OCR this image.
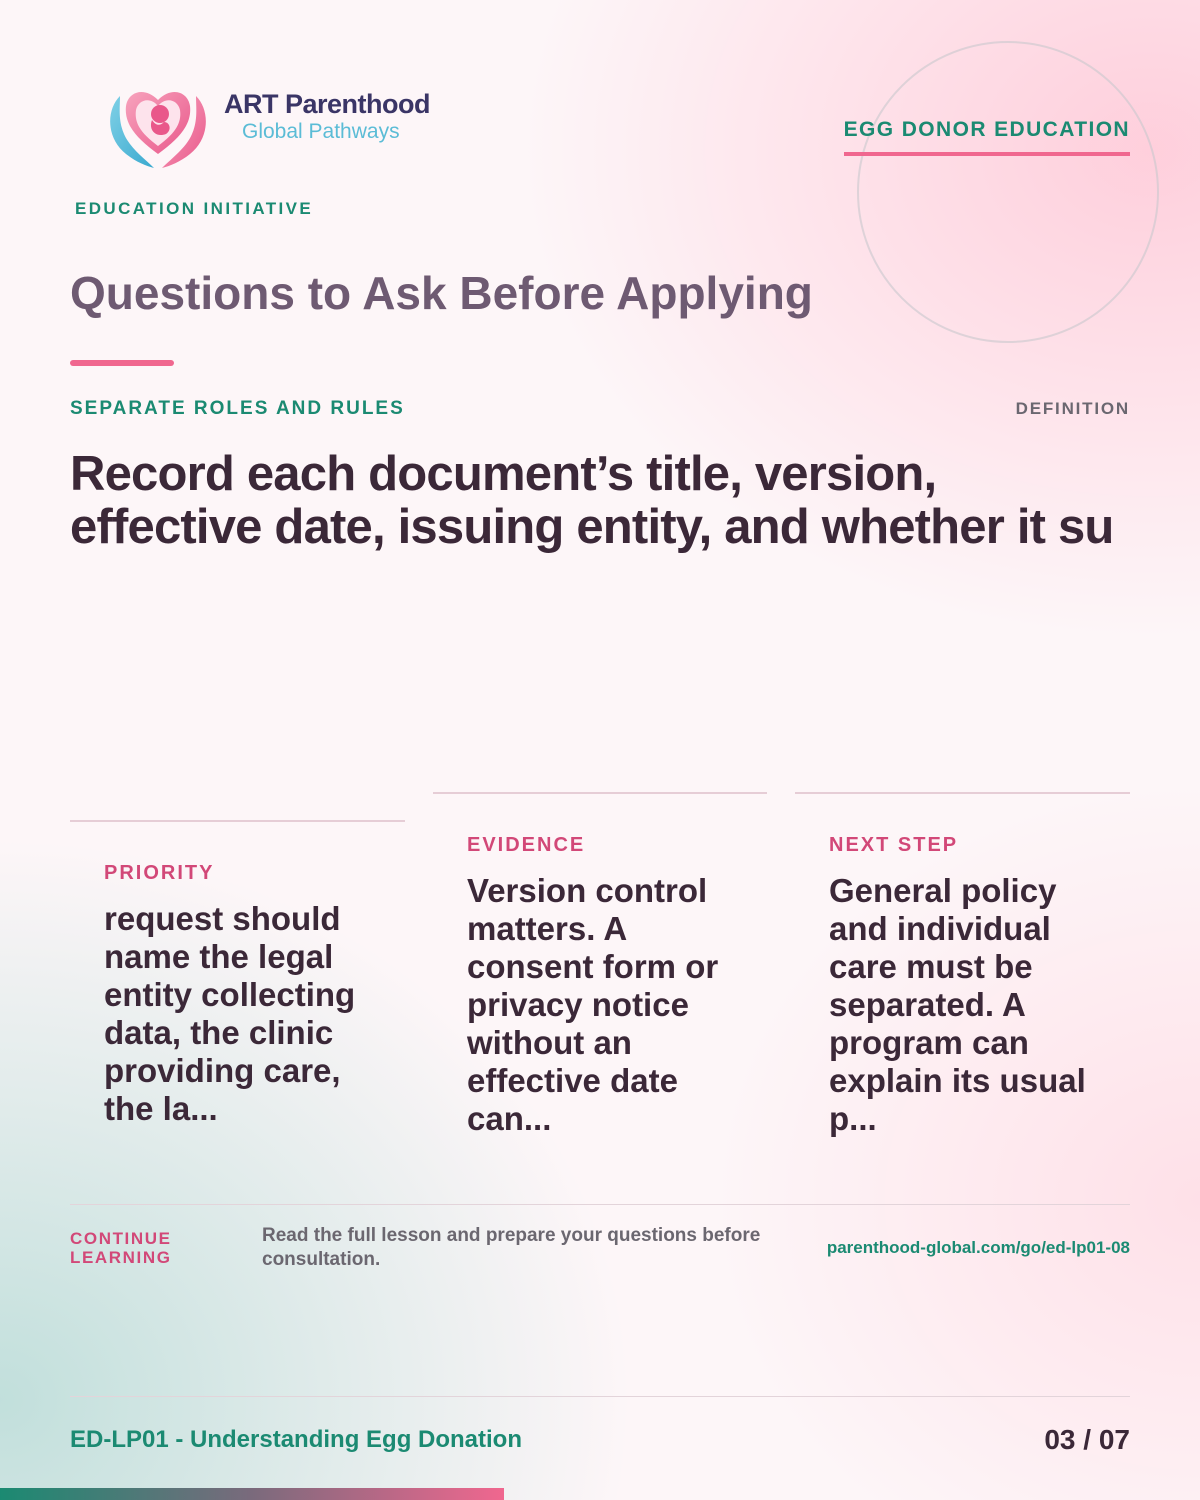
ART Parenthood
Global Pathways
EDUCATION INITIATIVE
EGG DONOR EDUCATION
Questions to Ask Before Applying
SEPARATE ROLES AND RULES	DEFINITION
Record each document’s title, version, effective date, issuing entity, and whether it su
PRIORITY
request should name the legal entity collecting data, the clinic providing care, the la...
EVIDENCE
Version control matters. A consent form or privacy notice without an effective date can...
NEXT STEP
General policy and individual care must be separated. A program can explain its usual p...
CONTINUE LEARNING
Read the full lesson and prepare your questions before consultation.
parenthood-global.com/go/ed-lp01-08
ED-LP01 - Understanding Egg Donation	03 / 07
